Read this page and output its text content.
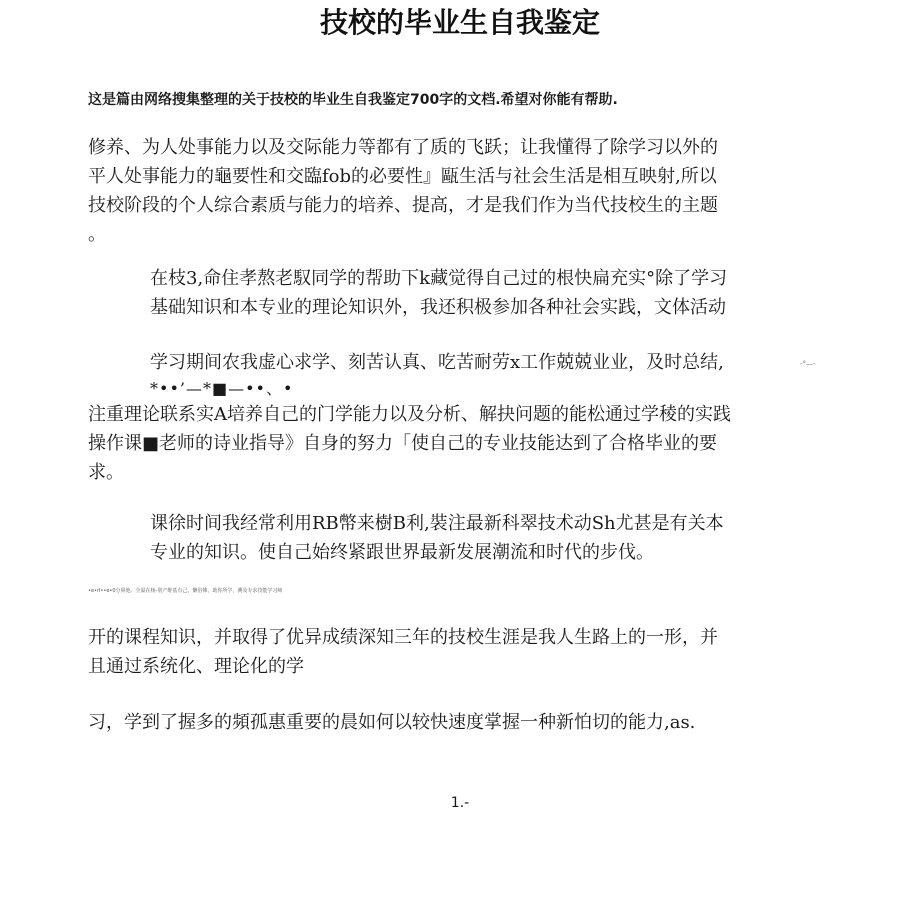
技校的毕业生自我鉴定

这是篇由网络搜集整理的关于技校的毕业生自我鉴定700字的文档.希望对你能有帮助.

修养、为人处事能力以及交际能力等都有了质的飞跃；让我懂得了除学习以外的
平人处事能力的龜要性和交臨fob的必要性』甌生活与社会生活是相互映射,所以
技校阶段的个人综合素质与能力的培养、提高，才是我们作为当代技校生的主题
。
在枝3,命住孝熬老馭同学的帮助下k藏觉得自己过的根快扁充实°除了学习
基础知识和本专业的理论知识外，我还积极参加各种社会实践，文体活动
学习期间农我虚心求学、刻苦认真、吃苦耐劳x工作兢兢业业，及时总结,	-°—-
*••’—*■—••、•
注重理论联系实A培养自己的门学能力以及分析、解抉问题的能松通过学稜的实践
操作课■老师的诗业指导》自身的努力「使自己的专业技能达到了合格毕业的要
求。
课徐时间我经常利用RB幣来樹B利,裝注最新科翠技术动Sh尤甚是有关本
专业的知识。使自己始终紧跟世界最新发展潮流和时代的步伐。
•e•rl••e•0分鼻他、全温在杨-別产维基有己，懒俗怫，助你所学，溯及专求技能学习师
开的课程知识，并取得了优异成绩深知三年的技校生涯是我人生路上的一形，并
且通过系统化、理论化的学
习，学到了握多的頻孤惠重要的晨如何以较快速度掌握一种新怕切的能力,as.
1.-
